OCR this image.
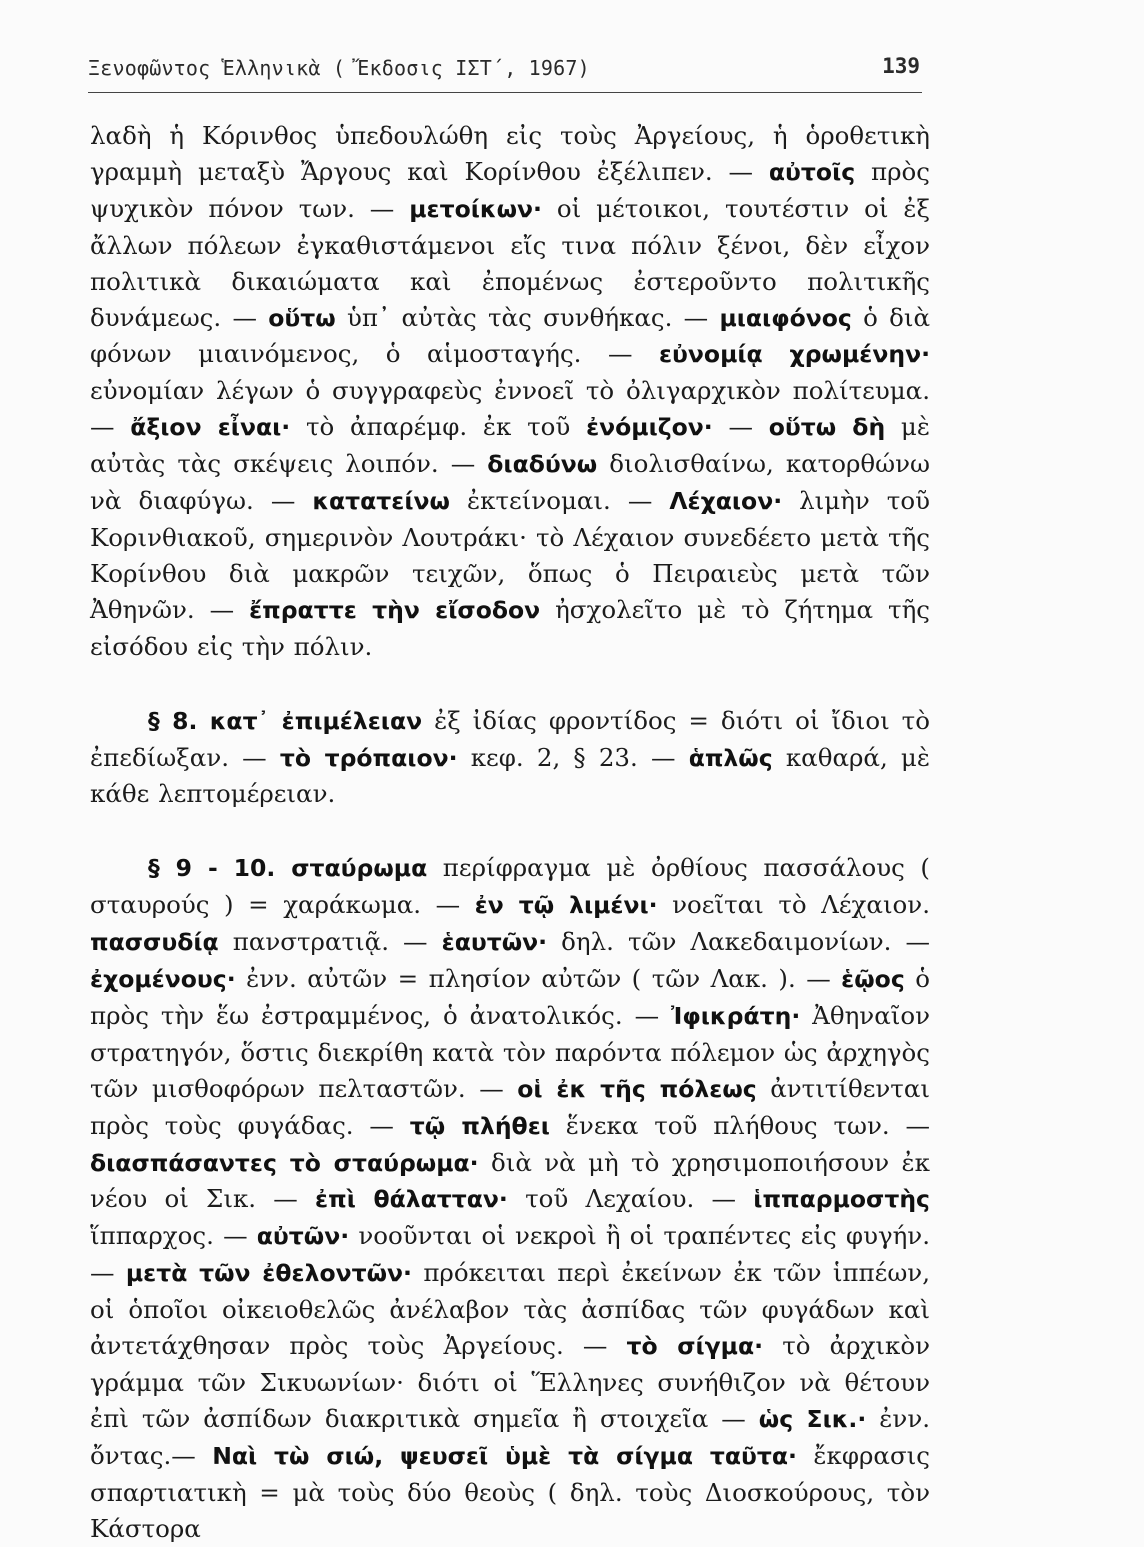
Ξενοφῶντος Ἑλληνικὰ ( Ἔκδοσις ΙΣΤ΄, 1967)	139

λαδὴ ἡ Κόρινθος ὑπεδουλώθη εἰς τοὺς Ἀργείους, ἡ ὁροθετικὴ γραμμὴ μεταξὺ Ἄργους καὶ Κορίνθου ἐξέλιπεν. — αὐτοῖς πρὸς ψυχικὸν πόνον των. — μετοίκων· οἱ μέτοικοι, τουτέστιν οἱ ἐξ ἄλλων πόλεων ἐγκαθιστάμενοι εἴς τινα πόλιν ξένοι, δὲν εἶχον πολιτικὰ δικαιώματα καὶ ἐπομένως ἐστεροῦντο πολιτικῆς δυνάμεως. — οὕτω ὑπ᾿ αὐτὰς τὰς συνθήκας. — μιαιφόνος ὁ διὰ φόνων μιαινόμενος, ὁ αἱμοσταγής. — εὐνομίᾳ χρωμένην· εὐνομίαν λέγων ὁ συγγραφεὺς ἐννοεῖ τὸ ὀλιγαρχικὸν πολίτευμα. — ἄξιον εἶναι· τὸ ἀπαρέμφ. ἐκ τοῦ ἐνόμιζον· — οὕτω δὴ μὲ αὐτὰς τὰς σκέψεις λοιπόν. — διαδύνω διολισθαίνω, κατορθώνω νὰ διαφύγω. — κατατείνω ἐκτείνομαι. — Λέχαιον· λιμὴν τοῦ Κορινθιακοῦ, σημερινὸν Λουτράκι· τὸ Λέχαιον συνεδέετο μετὰ τῆς Κορίνθου διὰ μακρῶν τειχῶν, ὅπως ὁ Πειραιεὺς μετὰ τῶν Ἀθηνῶν. — ἔπραττε τὴν εἴσοδον ἠσχολεῖτο μὲ τὸ ζήτημα τῆς εἰσόδου εἰς τὴν πόλιν.

§ 8. κατ᾿ ἐπιμέλειαν ἐξ ἰδίας φροντίδος = διότι οἱ ἴδιοι τὸ ἐπεδίωξαν. — τὸ τρόπαιον· κεφ. 2, § 23. — ἁπλῶς καθαρά, μὲ κάθε λεπτομέρειαν.

§ 9 - 10. σταύρωμα περίφραγμα μὲ ὀρθίους πασσάλους ( σταυρούς ) = χαράκωμα. — ἐν τῷ λιμένι· νοεῖται τὸ Λέχαιον. πασσυδίᾳ πανστρατιᾷ. — ἑαυτῶν· δηλ. τῶν Λακεδαιμονίων. — ἐχομένους· ἐνν. αὐτῶν = πλησίον αὐτῶν ( τῶν Λακ. ). — ἑῷος ὁ πρὸς τὴν ἕω ἐστραμμένος, ὁ ἀνατολικός. — Ἰφικράτη· Ἀθηναῖον στρατηγόν, ὅστις διεκρίθη κατὰ τὸν παρόντα πόλεμον ὡς ἀρχηγὸς τῶν μισθοφόρων πελταστῶν. — οἱ ἐκ τῆς πόλεως ἀντιτίθενται πρὸς τοὺς φυγάδας. — τῷ πλήθει ἕνεκα τοῦ πλήθους των. — διασπάσαντες τὸ σταύρωμα· διὰ νὰ μὴ τὸ χρησιμοποιήσουν ἐκ νέου οἱ Σικ. — ἐπὶ θάλατταν· τοῦ Λεχαίου. — ἱππαρμοστὴς ἵππαρχος. — αὐτῶν· νοοῦνται οἱ νεκροὶ ἢ οἱ τραπέντες εἰς φυγήν. — μετὰ τῶν ἐθελοντῶν· πρόκειται περὶ ἐκείνων ἐκ τῶν ἱππέων, οἱ ὁποῖοι οἰκειοθελῶς ἀνέλαβον τὰς ἀσπίδας τῶν φυγάδων καὶ ἀντετάχθησαν πρὸς τοὺς Ἀργείους. — τὸ σίγμα· τὸ ἀρχικὸν γράμμα τῶν Σικυωνίων· διότι οἱ Ἕλληνες συνήθιζον νὰ θέτουν ἐπὶ τῶν ἀσπίδων διακριτικὰ σημεῖα ἢ στοιχεῖα — ὡς Σικ.· ἐνν. ὄντας.— Ναὶ τὼ σιώ, ψευσεῖ ὑμὲ τὰ σίγμα ταῦτα· ἔκφρασις σπαρτιατικὴ = μὰ τοὺς δύο θεοὺς ( δηλ. τοὺς Διοσκούρους, τὸν Κάστορα
